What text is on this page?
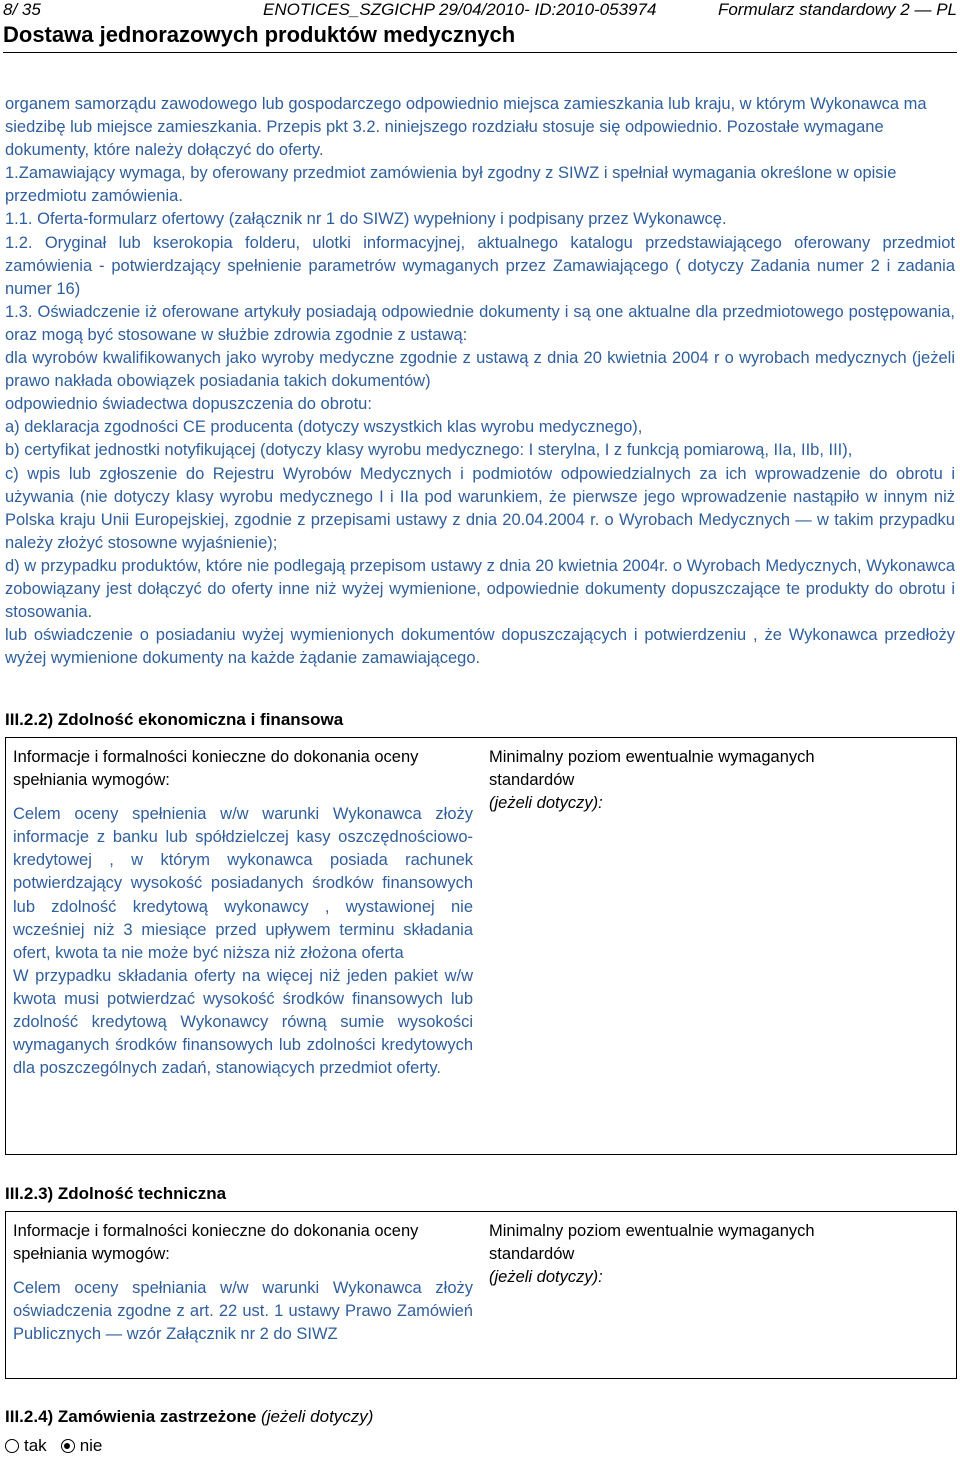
8/ 35	ENOTICES_SZGICHP 29/04/2010- ID:2010-053974	Formularz standardowy 2 — PL
Dostawa jednorazowych produktów medycznych

organem samorządu zawodowego lub gospodarczego odpowiednio miejsca zamieszkania lub kraju, w którym Wykonawca ma siedzibę lub miejsce zamieszkania. Przepis pkt 3.2. niniejszego rozdziału stosuje się odpowiednio. Pozostałe wymagane dokumenty, które należy dołączyć do oferty.

1.Zamawiający wymaga, by oferowany przedmiot zamówienia był zgodny z SIWZ i spełniał wymagania określone w opisie przedmiotu zamówienia.

1.1. Oferta-formularz ofertowy (załącznik nr 1 do SIWZ) wypełniony i podpisany przez Wykonawcę.

1.2. Oryginał lub kserokopia folderu, ulotki informacyjnej, aktualnego katalogu przedstawiającego oferowany przedmiot zamówienia - potwierdzający spełnienie parametrów wymaganych przez Zamawiającego ( dotyczy Zadania numer 2 i zadania numer 16)

1.3. Oświadczenie iż oferowane artykuły posiadają odpowiednie dokumenty i są one aktualne dla przedmiotowego postępowania, oraz mogą być stosowane w służbie zdrowia zgodnie z ustawą:

dla wyrobów kwalifikowanych jako wyroby medyczne zgodnie z ustawą z dnia 20 kwietnia 2004 r o wyrobach medycznych (jeżeli prawo nakłada obowiązek posiadania takich dokumentów)

odpowiednio świadectwa dopuszczenia do obrotu:

a) deklaracja zgodności CE producenta (dotyczy wszystkich klas wyrobu medycznego),

b) certyfikat jednostki notyfikującej (dotyczy klasy wyrobu medycznego: I sterylna, I z funkcją pomiarową, IIa, IIb, III),

c) wpis lub zgłoszenie do Rejestru Wyrobów Medycznych i podmiotów odpowiedzialnych za ich wprowadzenie do obrotu i używania (nie dotyczy klasy wyrobu medycznego I i IIa pod warunkiem, że pierwsze jego wprowadzenie nastąpiło w innym niż Polska kraju Unii Europejskiej, zgodnie z przepisami ustawy z dnia 20.04.2004 r. o Wyrobach Medycznych — w takim przypadku należy złożyć stosowne wyjaśnienie);

d) w przypadku produktów, które nie podlegają przepisom ustawy z dnia 20 kwietnia 2004r. o Wyrobach Medycznych, Wykonawca zobowiązany jest dołączyć do oferty inne niż wyżej wymienione, odpowiednie dokumenty dopuszczające te produkty do obrotu i stosowania.

lub oświadczenie o posiadaniu wyżej wymienionych dokumentów dopuszczających i potwierdzeniu , że Wykonawca przedłoży wyżej wymienione dokumenty na każde żądanie zamawiającego.

III.2.2) Zdolność ekonomiczna i finansowa

Informacje i formalności konieczne do dokonania oceny spełniania wymogów:

Celem oceny spełnienia w/w warunki Wykonawca złoży informacje z banku lub spółdzielczej kasy oszczędnościowo-kredytowej , w którym wykonawca posiada rachunek potwierdzający wysokość posiadanych środków finansowych lub zdolność kredytową wykonawcy , wystawionej nie wcześniej niż 3 miesiące przed upływem terminu składania ofert, kwota ta nie może być niższa niż złożona oferta

W przypadku składania oferty na więcej niż jeden pakiet w/w kwota musi potwierdzać wysokość środków finansowych lub zdolność kredytową Wykonawcy równą sumie wysokości wymaganych środków finansowych lub zdolności kredytowych dla poszczególnych zadań, stanowiących przedmiot oferty.

Minimalny poziom ewentualnie wymaganych standardów

(jeżeli dotyczy):

III.2.3) Zdolność techniczna

Informacje i formalności konieczne do dokonania oceny spełniania wymogów:

Celem oceny spełniania w/w warunki Wykonawca złoży oświadczenia zgodne z art. 22 ust. 1 ustawy Prawo Zamówień Publicznych — wzór Załącznik nr 2 do SIWZ

Minimalny poziom ewentualnie wymaganych standardów

(jeżeli dotyczy):

III.2.4) Zamówienia zastrzeżone (jeżeli dotyczy)
tak nie
